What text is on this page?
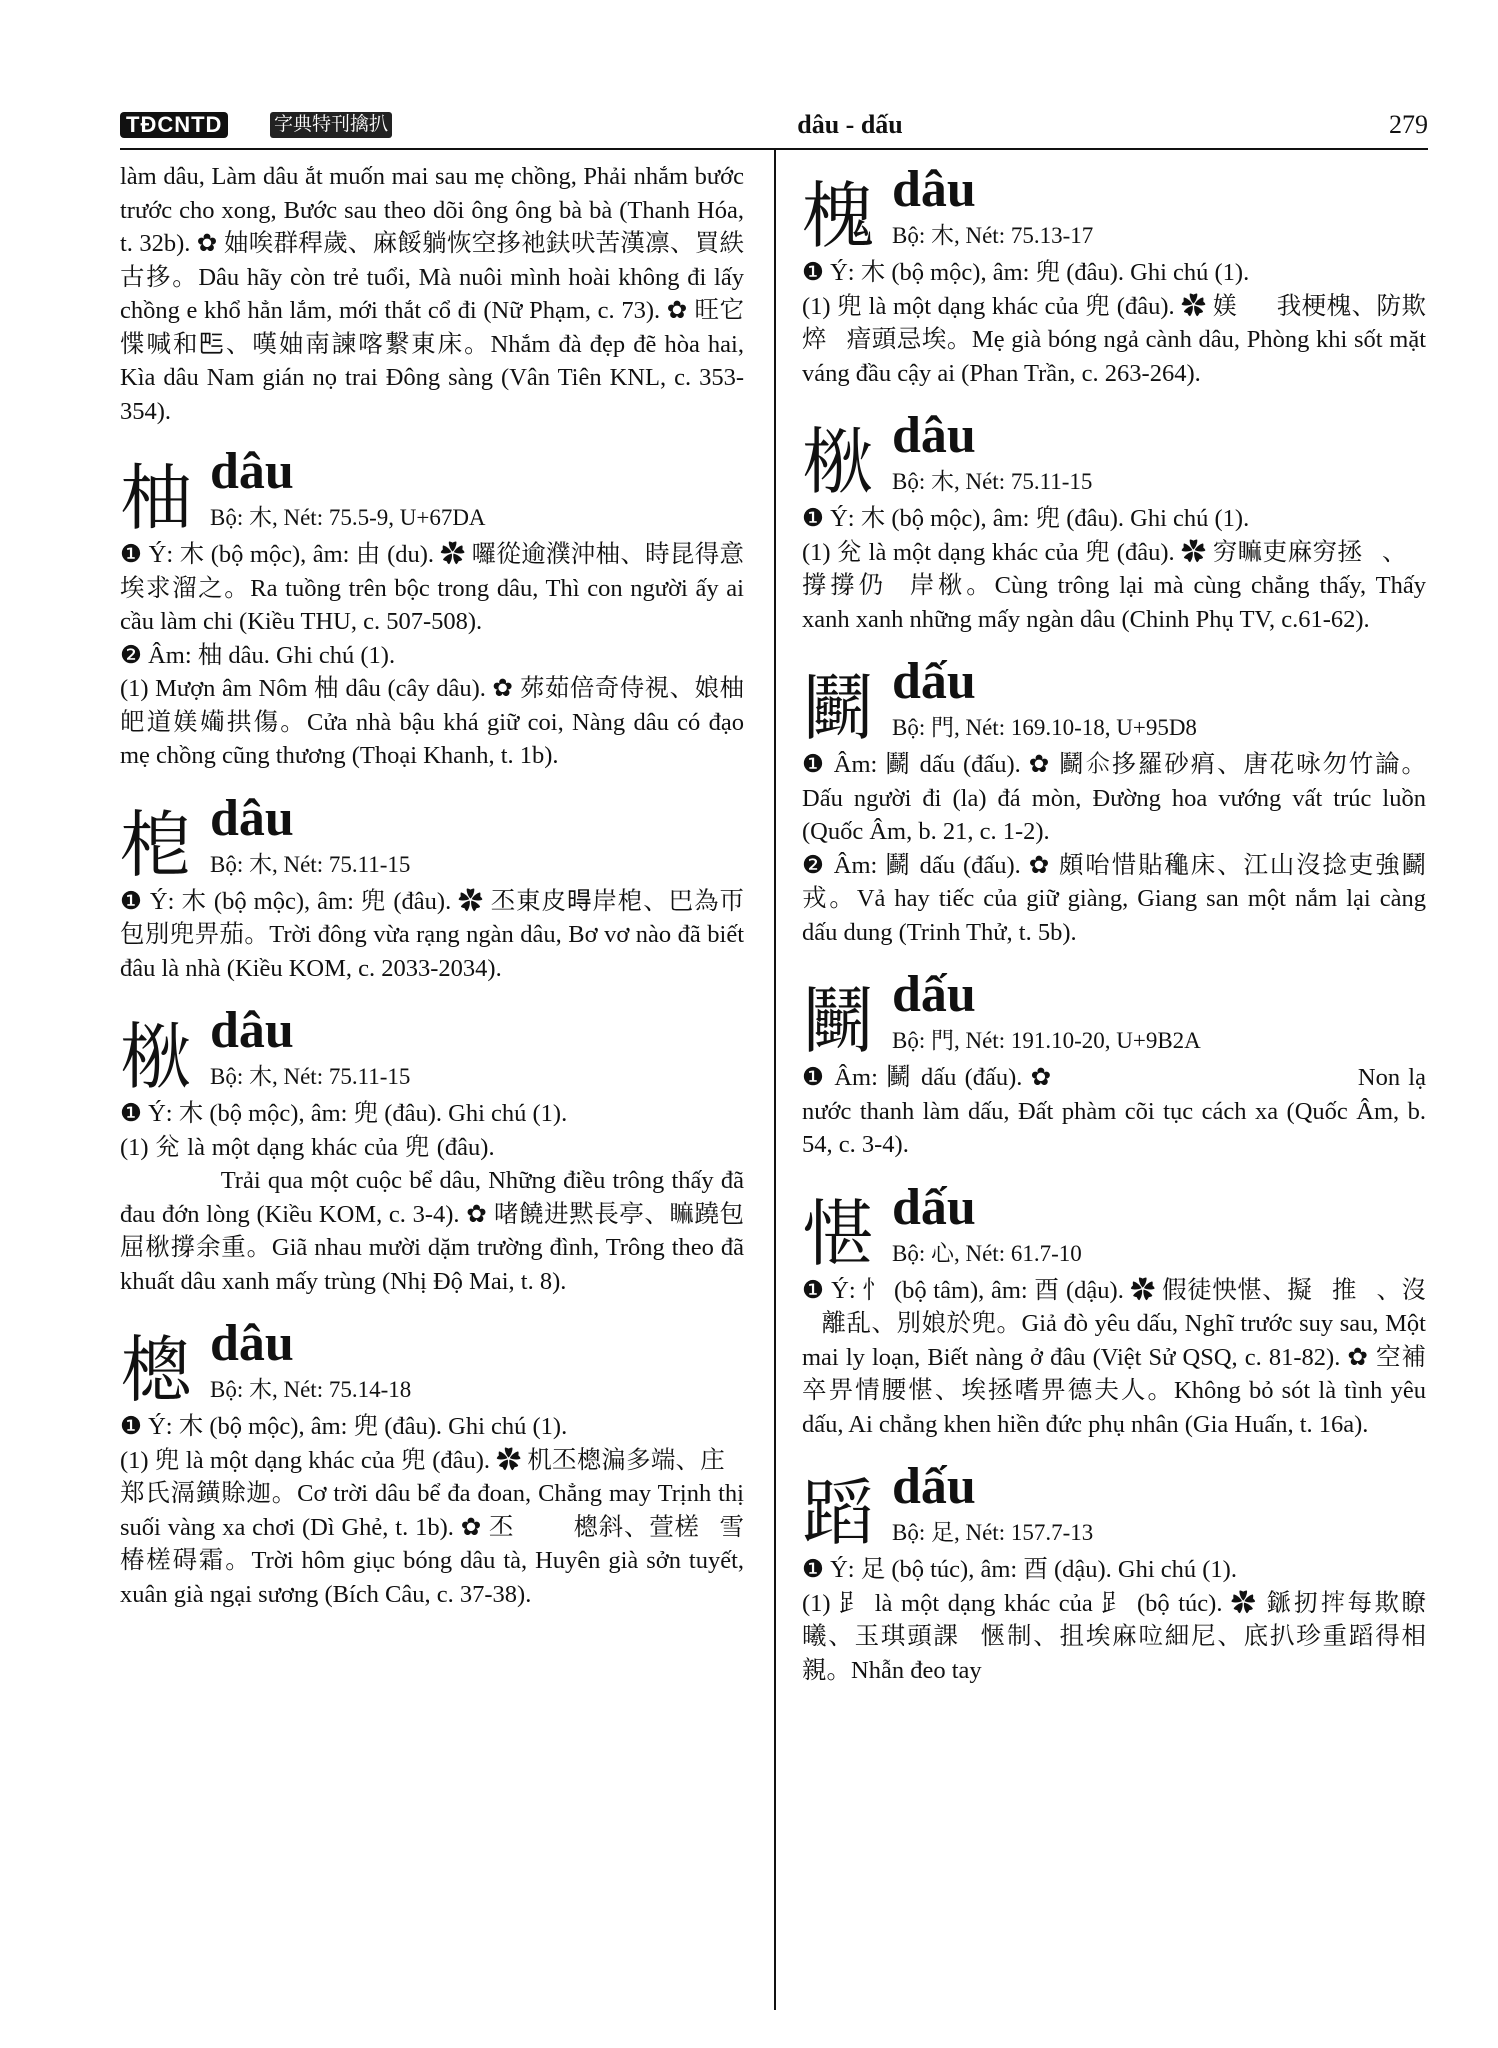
TĐCNTD	字典特刊擒扒	dâu - dấu	279

làm dâu, Làm dâu ắt muốn mai sau mẹ chồng, Phải nhắm bước trước cho xong, Bước sau theo dõi ông ông bà bà (Thanh Hóa, t. 32b). ✿ 妯唉群稈歲、麻餒躺恢空拸祂鈇吠苦漢凛、買紩古拸。Dâu hãy còn trẻ tuổi, Mà nuôi mình hoài không đi lấy chồng e khổ hẳn lắm, mới thắt cổ đi (Nữ Phạm, c. 73). ✿ 旺它惵喊和𠀧、嘆妯南諫喀繋東床。Nhắm đà đẹp đẽ hòa hai, Kìa dâu Nam gián nọ trai Đông sàng (Vân Tiên KNL, c. 353-354).

柚 dâu
Bộ: 木, Nét: 75.5-9, U+67DA

❶ Ý: 木 (bộ mộc), âm: 由 (du). ✿ 囉從逾濮沖柚、時昆得意埃求溜之。Ra tuồng trên bộc trong dâu, Thì con người ấy ai cầu làm chi (Kiều THU, c. 507-508).

❷ Âm: 柚 dâu. Ghi chú (1).

(1) Mượn âm Nôm 柚 dâu (cây dâu). ✿ 茒茹倍奇侍視、娘柚皅道媄𡢼拱傷。Cửa nhà bậu khá giữ coi, Nàng dâu có đạo mẹ chồng cũng thương (Thoại Khanh, t. 1b).

梎 dâu
Bộ: 木, Nét: 75.11-15

❶ Ý: 木 (bộ mộc), âm: 兜 (đâu). ✿ 丕東皮𣈜岸梎、巴為帀包別兜畀茄。Trời đông vừa rạng ngàn dâu, Bơ vơ nào đã biết đâu là nhà (Kiều KOM, c. 2033-2034).

梑 dâu
Bộ: 木, Nét: 75.11-15

❶ Ý: 木 (bộ mộc), âm: 兜 (đâu). Ghi chú (1).

(1) 兊 là một dạng khác của 兜 (đâu). ✿ 𨀈戈沒局㴜梑、仍調𥊚𧡊㐌疠疸悉。Trải qua một cuộc bể dâu, Những điều trông thấy đã đau đớn lòng (Kiều KOM, c. 3-4). ✿ 啫饒进黙長亭、𥊚蹺包屈梑撐余重。Giã nhau mười dặm trường đình, Trông theo đã khuất dâu xanh mấy trùng (Nhị Độ Mai, t. 8).

樬 dâu
Bộ: 木, Nét: 75.14-18

❶ Ý: 木 (bộ mộc), âm: 兜 (đâu). Ghi chú (1).

(1) 兜 là một dạng khác của 兜 (đâu). ✿ 机丕樬㴜多端、庄𦓡郑氏滆鐄賖迦。Cơ trời dâu bể đa đoan, Chẳng may Trịnh thị suối vàng xa chơi (Dì Ghẻ, t. 1b). ✿ 丕𣋚𡀳𩂀樬斜、萱槎𢝙雪椿槎碍霜。Trời hôm giục bóng dâu tà, Huyên già sởn tuyết, xuân già ngại sương (Bích Câu, c. 37-38).

槐 dâu
Bộ: 木, Nét: 75.13-17

❶ Ý: 木 (bộ mộc), âm: 兜 (đâu). Ghi chú (1).

(1) 兜 là một dạng khác của 兜 (đâu). ✿ 媄𦬑𩂀我梗槐、防欺焠𩈘瘖頭忌埃。Mẹ già bóng ngả cành dâu, Phòng khi sốt mặt váng đầu cậy ai (Phan Trần, c. 263-264).

梑 dâu
Bộ: 木, Nét: 75.11-15

❶ Ý: 木 (bộ mộc), âm: 兜 (đâu). Ghi chú (1).

(1) 兊 là một dạng khác của 兜 (đâu). ✿ 穷𥊚吏麻穷拯𧡊、𧡊撐撐仍𠦳岸梑。Cùng trông lại mà cùng chẳng thấy, Thấy xanh xanh những mấy ngàn dâu (Chinh Phụ TV, c.61-62).

鬬 dấu
Bộ: 門, Nét: 169.10-18, U+95D8

❶ Âm: 鬬 dấu (đấu). ✿ 鬬𠇍拸羅砂㾓、唐花咏勿竹論。Dấu người đi (la) đá mòn, Đường hoa vướng vất trúc luồn (Quốc Âm, b. 21, c. 1-2).

❷ Âm: 鬬 dấu (đấu). ✿ 頗咍惜貼䆋床、江山沒捻吏強鬬戎。Vả hay tiếc của giữ giàng, Giang san một nắm lại càng dấu dung (Trinh Thử, t. 5b).

鬭 dấu
Bộ: 門, Nét: 191.10-20, U+9B2A

❶ Âm: 鬭 dấu (đấu). ✿ 𡛔邏渃清溜鬭、坦凡堘俗隔賖。Non lạ nước thanh làm dấu, Đất phàm cõi tục cách xa (Quốc Âm, b. 54, c. 3-4).

愖 dấu
Bộ: 心, Nét: 61.7-10

❶ Ý: 忄 (bộ tâm), âm: 酉 (dậu). ✿ 假徒怏愖、擬𠓀推𢀨、沒𣈕離乱、別娘於兜。Giả đò yêu dấu, Nghĩ trước suy sau, Một mai ly loạn, Biết nàng ở đâu (Việt Sử QSQ, c. 81-82). ✿ 空補卒畀情腰愖、埃拯嗜畀德夫人。Không bỏ sót là tình yêu dấu, Ai chẳng khen hiền đức phụ nhân (Gia Huấn, t. 16a).

蹈 dấu
Bộ: 足, Nét: 157.7-13

❶ Ý: 足 (bộ túc), âm: 酉 (dậu). Ghi chú (1).

(1) 𧾷 là một dạng khác của 𧾷 (bộ túc). ✿ 鎃扨𢭂每欺瞭曦、玉琪頭課𢫘愜制、抯埃麻㕸細尼、底扒珍重蹈得相親。Nhẫn đeo tay
